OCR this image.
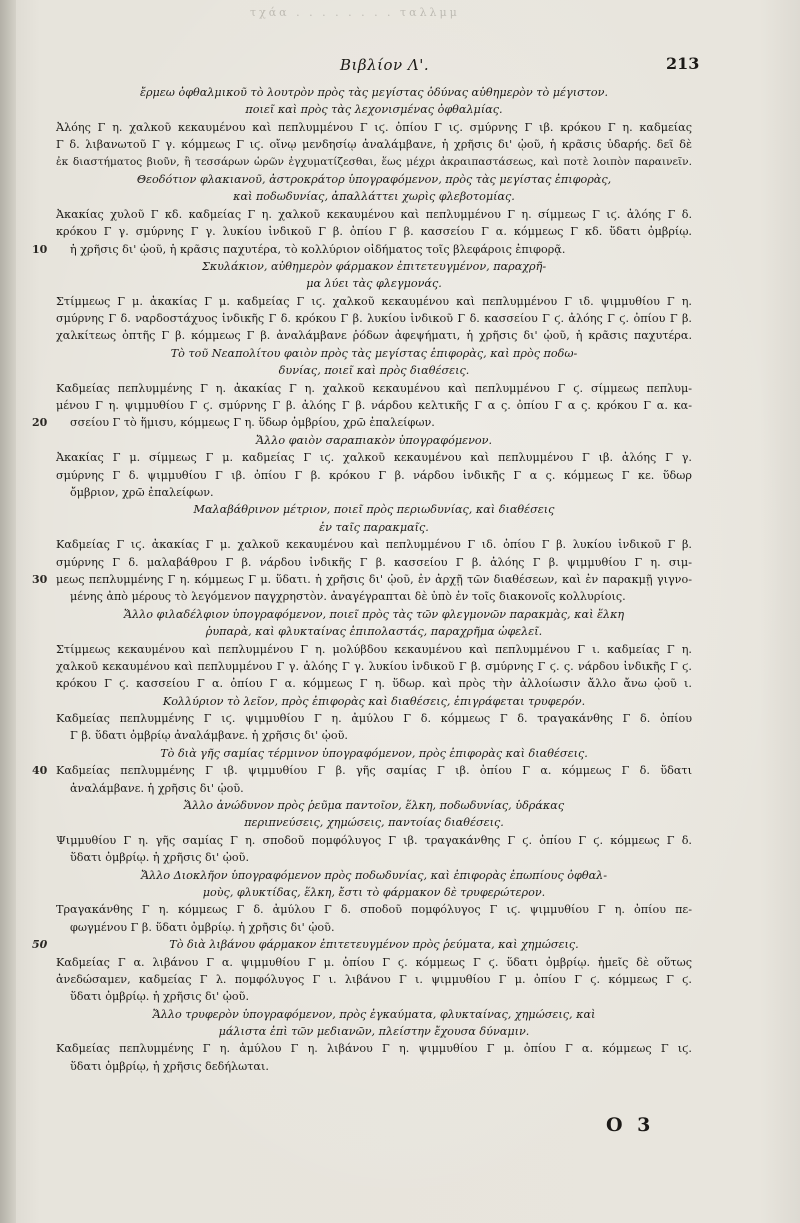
τχάα . . . . . . . . ταλλμμ
Βιβλίον Λ'.	213
ἔρμεω ὀφθαλμικοῦ τὸ λουτρὸν πρὸς τὰς μεγίστας ὀδύνας αὐθημερὸν τὸ μέγιστον.
ποιεῖ καὶ πρὸς τὰς λεχονισμένας ὀφθαλμίας.
Ἀλόης Γ η. χαλκοῦ κεκαυμένου καὶ πεπλυμμένου Γ ιϛ. ὀπίου Γ ιϛ. σμύρνης Γ ιβ. κρόκου Γ η. καδμείας
Γ δ. λιβανωτοῦ Γ γ. κόμμεως Γ ιϛ. οἴνῳ μενδησίῳ ἀναλάμβανε, ἡ χρῆσις δι' ᾠοῦ, ἡ κρᾶσις ὑδαρής. δεῖ δὲ
ἐκ διαστήματος βιοῦν, ἢ τεσσάρων ὡρῶν ἐγχυματίζεσθαι, ἕως μέχρι ἀκραιπαστάσεως, καὶ ποτὲ λοιπὸν παραινεῖν.
Θεοδότιον φλακιανοῦ, ἀστροκράτορ ὑπογραφόμενον, πρὸς τὰς μεγίστας ἐπιφορὰς,
καὶ ποδωδυνίας, ἀπαλλάττει χωρὶς φλεβοτομίας.
Ἀκακίας χυλοῦ Γ κδ. καδμείας Γ η. χαλκοῦ κεκαυμένου καὶ πεπλυμμένου Γ η. σίμμεως Γ ιϛ. ἀλόης Γ δ.
κρόκου Γ γ. σμύρνης Γ γ. λυκίου ἰνδικοῦ Γ β. ὀπίου Γ β. κασσείου Γ α. κόμμεως Γ κδ. ὕδατι ὀμβρίῳ.
10 ἡ χρῆσις δι' ᾠοῦ, ἡ κρᾶσις παχυτέρα, τὸ κολλύριον οἰδήματος τοῖς βλεφάροις ἐπιφορᾷ.
Σκυλάκιον, αὐθημερὸν φάρμακον ἐπιτετευγμένον, παραχρῆ-
μα λύει τὰς φλεγμονάς.
Στίμμεως Γ μ. ἀκακίας Γ μ. καδμείας Γ ιϛ. χαλκοῦ κεκαυμένου καὶ πεπλυμμένου Γ ιδ. ψιμμυθίου Γ η.
σμύρνης Γ δ. ναρδοστάχυος ἰνδικῆς Γ δ. κρόκου Γ β. λυκίου ἰνδικοῦ Γ δ. κασσείου Γ ϛ. ἀλόης Γ ϛ. ὀπίου Γ β.
χαλκίτεως ὀπτῆς Γ β. κόμμεως Γ β. ἀναλάμβανε ῥόδων ἀφεψήματι, ἡ χρῆσις δι' ᾠοῦ, ἡ κρᾶσις παχυτέρα.
Τὸ τοῦ Νεαπολίτου φαιὸν πρὸς τὰς μεγίστας ἐπιφορὰς, καὶ πρὸς ποδω-
δυνίας, ποιεῖ καὶ πρὸς διαθέσεις.
Καδμείας πεπλυμμένης Γ η. ἀκακίας Γ η. χαλκοῦ κεκαυμένου καὶ πεπλυμμένου Γ ϛ. σίμμεως πεπλυμ-
μένου Γ η. ψιμμυθίου Γ ϛ. σμύρνης Γ β. ἀλόης Γ β. νάρδου κελτικῆς Γ α ς. ὀπίου Γ α ς. κρόκου Γ α. κα-
20 σσείου Γ τὸ ἥμισυ, κόμμεως Γ η. ὕδωρ ὀμβρίου, χρῶ ἐπαλείφων.
Ἄλλο φαιὸν σαραπιακὸν ὑπογραφόμενον.
Ἀκακίας Γ μ. σίμμεως Γ μ. καδμείας Γ ιϛ. χαλκοῦ κεκαυμένου καὶ πεπλυμμένου Γ ιβ. ἀλόης Γ γ.
σμύρνης Γ δ. ψιμμυθίου Γ ιβ. ὀπίου Γ β. κρόκου Γ β. νάρδου ἰνδικῆς Γ α ς. κόμμεως Γ κε. ὕδωρ
ὄμβριον, χρῶ ἐπαλείφων.
Μαλαβάθρινον μέτριον, ποιεῖ πρὸς περιωδυνίας, καὶ διαθέσεις
ἐν ταῖς παρακμαῖς.
Καδμείας Γ ιϛ. ἀκακίας Γ μ. χαλκοῦ κεκαυμένου καὶ πεπλυμμένου Γ ιδ. ὀπίου Γ β. λυκίου ἰνδικοῦ Γ β.
σμύρνης Γ δ. μαλαβάθρου Γ β. νάρδου ἰνδικῆς Γ β. κασσείου Γ β. ἀλόης Γ β. ψιμμυθίου Γ η. σιμ-
30 μεως πεπλυμμένης Γ η. κόμμεως Γ μ. ὕδατι. ἡ χρῆσις δι' ᾠοῦ, ἐν ἀρχῇ τῶν διαθέσεων, καὶ ἐν παρακμῇ γιγνο-
μένης ἀπὸ μέρους τὸ λεγόμενον παγχρηστὸν. ἀναγέγραπται δὲ ὑπὸ ἐν τοῖς διακονοῖς κολλυρίοις.
Ἄλλο φιλαδέλφιον ὑπογραφόμενον, ποιεῖ πρὸς τὰς τῶν φλεγμονῶν παρακμὰς, καὶ ἕλκη
ῥυπαρὰ, καὶ φλυκταίνας ἐπιπολαστάς, παραχρῆμα ὠφελεῖ.
Στίμμεως κεκαυμένου καὶ πεπλυμμένου Γ η. μολύβδου κεκαυμένου καὶ πεπλυμμένου Γ ι. καδμείας Γ η.
χαλκοῦ κεκαυμένου καὶ πεπλυμμένου Γ γ. ἀλόης Γ γ. λυκίου ἰνδικοῦ Γ β. σμύρνης Γ ϛ. ς. νάρδου ἰνδικῆς Γ ϛ.
κρόκου Γ ϛ. κασσείου Γ α. ὀπίου Γ α. κόμμεως Γ η. ὕδωρ. καὶ πρὸς τὴν ἀλλοίωσιν ἄλλο ἄνω ᾠοῦ ι.
Κολλύριον τὸ λεῖον, πρὸς ἐπιφορὰς καὶ διαθέσεις, ἐπιγράφεται τρυφερόν.
Καδμείας πεπλυμμένης Γ ιϛ. ψιμμυθίου Γ η. ἀμύλου Γ δ. κόμμεως Γ δ. τραγακάνθης Γ δ. ὀπίου
Γ β. ὕδατι ὀμβρίῳ ἀναλάμβανε. ἡ χρῆσις δι' ᾠοῦ.
Τὸ διὰ γῆς σαμίας τέρμινον ὑπογραφόμενον, πρὸς ἐπιφορὰς καὶ διαθέσεις.
40 Καδμείας πεπλυμμένης Γ ιβ. ψιμμυθίου Γ β. γῆς σαμίας Γ ιβ. ὀπίου Γ α. κόμμεως Γ δ. ὕδατι
ἀναλάμβανε. ἡ χρῆσις δι' ᾠοῦ.
Ἄλλο ἀνώδυνον πρὸς ῥεῦμα παντοῖον, ἕλκη, ποδωδυνίας, ὑδράκας
περιπνεύσεις, χημώσεις, παντοίας διαθέσεις.
Ψιμμυθίου Γ η. γῆς σαμίας Γ η. σποδοῦ πομφόλυγος Γ ιβ. τραγακάνθης Γ ϛ. ὀπίου Γ ϛ. κόμμεως Γ δ.
ὕδατι ὀμβρίῳ. ἡ χρῆσις δι' ᾠοῦ.
Ἄλλο Διοκλῆον ὑπογραφόμενον πρὸς ποδωδυνίας, καὶ ἐπιφορὰς ἐπωπίους ὀφθαλ-
μοὺς, φλυκτίδας, ἕλκη, ἔστι τὸ φάρμακον δὲ τρυφερώτερον.
Τραγακάνθης Γ η. κόμμεως Γ δ. ἀμύλου Γ δ. σποδοῦ πομφόλυγος Γ ιϛ. ψιμμυθίου Γ η. ὀπίου πε-
φωγμένου Γ β. ὕδατι ὀμβρίῳ. ἡ χρῆσις δι' ᾠοῦ.
50	Τὸ διὰ λιβάνου φάρμακον ἐπιτετευγμένον πρὸς ῥεύματα, καὶ χημώσεις.
Καδμείας Γ α. λιβάνου Γ α. ψιμμυθίου Γ μ. ὀπίου Γ ϛ. κόμμεως Γ ϛ. ὕδατι ὀμβρίῳ. ἡμεῖς δὲ οὕτως
ἀνεδώσαμεν, καδμείας Γ λ. πομφόλυγος Γ ι. λιβάνου Γ ι. ψιμμυθίου Γ μ. ὀπίου Γ ϛ. κόμμεως Γ ϛ.
ὕδατι ὀμβρίῳ. ἡ χρῆσις δι' ᾠοῦ.
Ἄλλο τρυφερὸν ὑπογραφόμενον, πρὸς ἐγκαύματα, φλυκταίνας, χημώσεις, καὶ
μάλιστα ἐπὶ τῶν μεδιανῶν, πλείστην ἔχουσα δύναμιν.
Καδμείας πεπλυμμένης Γ η. ἀμύλου Γ η. λιβάνου Γ η. ψιμμυθίου Γ μ. ὀπίου Γ α. κόμμεως Γ ιϛ.
ὕδατι ὀμβρίῳ, ἡ χρῆσις δεδήλωται.
O 3
